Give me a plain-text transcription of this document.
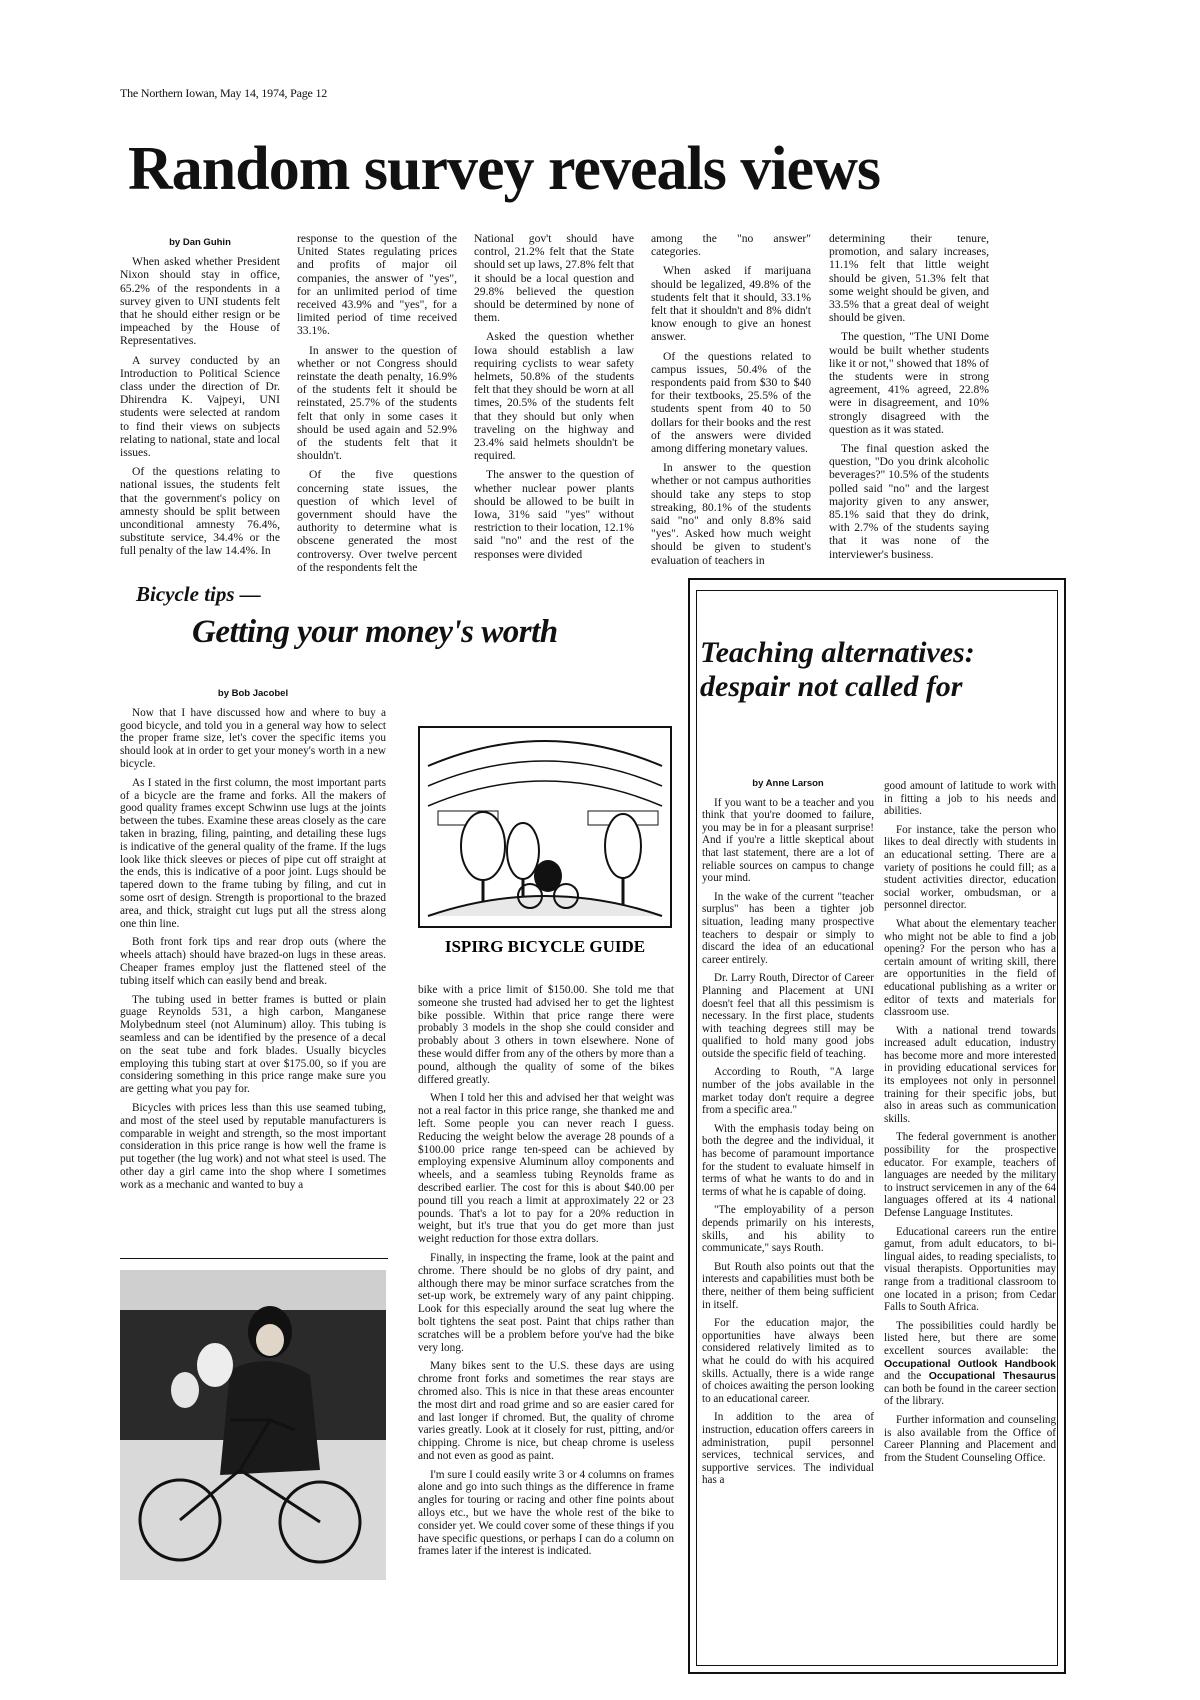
The Northern Iowan, May 14, 1974, Page 12
Random survey reveals views
by Dan Guhin

When asked whether President Nixon should stay in office, 65.2% of the respondents in a survey given to UNI students felt that he should either resign or be impeached by the House of Representatives.

A survey conducted by an Introduction to Political Science class under the direction of Dr. Dhirendra K. Vajpeyi, UNI students were selected at random to find their views on subjects relating to national, state and local issues.

Of the questions relating to national issues, the students felt that the government's policy on amnesty should be split between unconditional amnesty 76.4%, substitute service, 34.4% or the full penalty of the law 14.4%. In

response to the question of the United States regulating prices and profits of major oil companies, the answer of "yes", for an unlimited period of time received 43.9% and "yes", for a limited period of time received 33.1%.

In answer to the question of whether or not Congress should reinstate the death penalty, 16.9% of the students felt it should be reinstated, 25.7% of the students felt that only in some cases it should be used again and 52.9% of the students felt that it shouldn't.

Of the five questions concerning state issues, the question of which level of government should have the authority to determine what is obscene generated the most controversy. Over twelve percent of the respondents felt the

National gov't should have control, 21.2% felt that the State should set up laws, 27.8% felt that it should be a local question and 29.8% believed the question should be determined by none of them.

Asked the question whether Iowa should establish a law requiring cyclists to wear safety helmets, 50.8% of the students felt that they should be worn at all times, 20.5% of the students felt that they should but only when traveling on the highway and 23.4% said helmets shouldn't be required.

The answer to the question of whether nuclear power plants should be allowed to be built in Iowa, 31% said "yes" without restriction to their location, 12.1% said "no" and the rest of the responses were divided

among the "no answer" categories.

When asked if marijuana should be legalized, 49.8% of the students felt that it should, 33.1% felt that it shouldn't and 8% didn't know enough to give an honest answer.

Of the questions related to campus issues, 50.4% of the respondents paid from $30 to $40 for their textbooks, 25.5% of the students spent from 40 to 50 dollars for their books and the rest of the answers were divided among differing monetary values.

In answer to the question whether or not campus authorities should take any steps to stop streaking, 80.1% of the students said "no" and only 8.8% said "yes". Asked how much weight should be given to student's evaluation of teachers in

determining their tenure, promotion, and salary increases, 11.1% felt that little weight should be given, 51.3% felt that some weight should be given, and 33.5% that a great deal of weight should be given.

The question, "The UNI Dome would be built whether students like it or not," showed that 18% of the students were in strong agreement, 41% agreed, 22.8% were in disagreement, and 10% strongly disagreed with the question as it was stated.

The final question asked the question, "Do you drink alcoholic beverages?" 10.5% of the students polled said "no" and the largest majority given to any answer, 85.1% said that they do drink, with 2.7% of the students saying that it was none of the interviewer's business.

Bicycle tips —
Getting your money's worth
by Bob Jacobel

Now that I have discussed how and where to buy a good bicycle, and told you in a general way how to select the proper frame size, let's cover the specific items you should look at in order to get your money's worth in a new bicycle.

As I stated in the first column, the most important parts of a bicycle are the frame and forks. All the makers of good quality frames except Schwinn use lugs at the joints between the tubes. Examine these areas closely as the care taken in brazing, filing, painting, and detailing these lugs is indicative of the general quality of the frame. If the lugs look like thick sleeves or pieces of pipe cut off straight at the ends, this is indicative of a poor joint. Lugs should be tapered down to the frame tubing by filing, and cut in some osrt of design. Strength is proportional to the brazed area, and thick, straight cut lugs put all the stress along one thin line.

Both front fork tips and rear drop outs (where the wheels attach) should have brazed-on lugs in these areas. Cheaper frames employ just the flattened steel of the tubing itself which can easily bend and break.

The tubing used in better frames is butted or plain guage Reynolds 531, a high carbon, Manganese Molybednum steel (not Aluminum) alloy. This tubing is seamless and can be identified by the presence of a decal on the seat tube and fork blades. Usually bicycles employing this tubing start at over $175.00, so if you are considering something in this price range make sure you are getting what you pay for.

Bicycles with prices less than this use seamed tubing, and most of the steel used by reputable manufacturers is comparable in weight and strength, so the most important consideration in this price range is how well the frame is put together (the lug work) and not what steel is used. The other day a girl came into the shop where I sometimes work as a mechanic and wanted to buy a

ISPIRG BICYCLE GUIDE

bike with a price limit of $150.00. She told me that someone she trusted had advised her to get the lightest bike possible. Within that price range there were probably 3 models in the shop she could consider and probably about 3 others in town elsewhere. None of these would differ from any of the others by more than a pound, although the quality of some of the bikes differed greatly.

When I told her this and advised her that weight was not a real factor in this price range, she thanked me and left. Some people you can never reach I guess. Reducing the weight below the average 28 pounds of a $100.00 price range ten-speed can be achieved by employing expensive Aluminum alloy components and wheels, and a seamless tubing Reynolds frame as described earlier. The cost for this is about $40.00 per pound till you reach a limit at approximately 22 or 23 pounds. That's a lot to pay for a 20% reduction in weight, but it's true that you do get more than just weight reduction for those extra dollars.

Finally, in inspecting the frame, look at the paint and chrome. There should be no globs of dry paint, and although there may be minor surface scratches from the set-up work, be extremely wary of any paint chipping. Look for this especially around the seat lug where the bolt tightens the seat post. Paint that chips rather than scratches will be a problem before you've had the bike very long.

Many bikes sent to the U.S. these days are using chrome front forks and sometimes the rear stays are chromed also. This is nice in that these areas encounter the most dirt and road grime and so are easier cared for and last longer if chromed. But, the quality of chrome varies greatly. Look at it closely for rust, pitting, and/or chipping. Chrome is nice, but cheap chrome is useless and not even as good as paint.

I'm sure I could easily write 3 or 4 columns on frames alone and go into such things as the difference in frame angles for touring or racing and other fine points about alloys etc., but we have the whole rest of the bike to consider yet. We could cover some of these things if you have specific questions, or perhaps I can do a column on frames later if the interest is indicated.

Teaching alternatives:
despair not called for
by Anne Larson

If you want to be a teacher and you think that you're doomed to failure, you may be in for a pleasant surprise! And if you're a little skeptical about that last statement, there are a lot of reliable sources on campus to change your mind.

In the wake of the current "teacher surplus" has been a tighter job situation, leading many prospective teachers to despair or simply to discard the idea of an educational career entirely.

Dr. Larry Routh, Director of Career Planning and Placement at UNI doesn't feel that all this pessimism is necessary. In the first place, students with teaching degrees still may be qualified to hold many good jobs outside the specific field of teaching.

According to Routh, "A large number of the jobs available in the market today don't require a degree from a specific area."

With the emphasis today being on both the degree and the individual, it has become of paramount importance for the student to evaluate himself in terms of what he wants to do and in terms of what he is capable of doing.

"The employability of a person depends primarily on his interests, skills, and his ability to communicate," says Routh.

But Routh also points out that the interests and capabilities must both be there, neither of them being sufficient in itself.

For the education major, the opportunities have always been considered relatively limited as to what he could do with his acquired skills. Actually, there is a wide range of choices awaiting the person looking to an educational career.

In addition to the area of instruction, education offers careers in administration, pupil personnel services, technical services, and supportive services. The individual has a

good amount of latitude to work with in fitting a job to his needs and abilities.

For instance, take the person who likes to deal directly with students in an educational setting. There are a variety of positions he could fill; as a student activities director, education social worker, ombudsman, or a personnel director.

What about the elementary teacher who might not be able to find a job opening? For the person who has a certain amount of writing skill, there are opportunities in the field of educational publishing as a writer or editor of texts and materials for classroom use.

With a national trend towards increased adult education, industry has become more and more interested in providing educational services for its employees not only in personnel training for their specific jobs, but also in areas such as communication skills.

The federal government is another possibility for the prospective educator. For example, teachers of languages are needed by the military to instruct servicemen in any of the 64 languages offered at its 4 national Defense Language Institutes.

Educational careers run the entire gamut, from adult educators, to bi-lingual aides, to reading specialists, to visual therapists. Opportunities may range from a traditional classroom to one located in a prison; from Cedar Falls to South Africa.

The possibilities could hardly be listed here, but there are some excellent sources available: the Occupational Outlook Handbook and the Occupational Thesaurus can both be found in the career section of the library.

Further information and counseling is also available from the Office of Career Planning and Placement and from the Student Counseling Office.
